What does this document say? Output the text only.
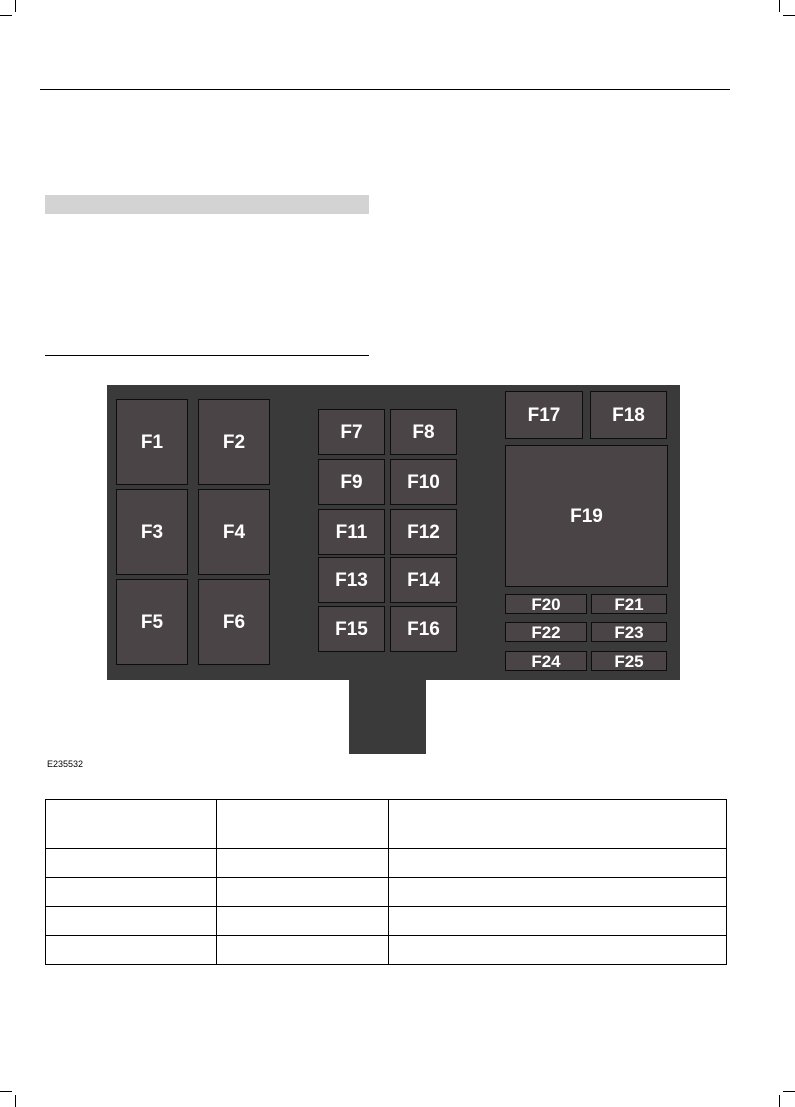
F1	F2
F3	F4
F5	F6
F7	F8
F9	F10
F11	F12
F13	F14
F15	F16
F17	F18
F19
F20	F21
F22	F23
F24	F25
E235532
